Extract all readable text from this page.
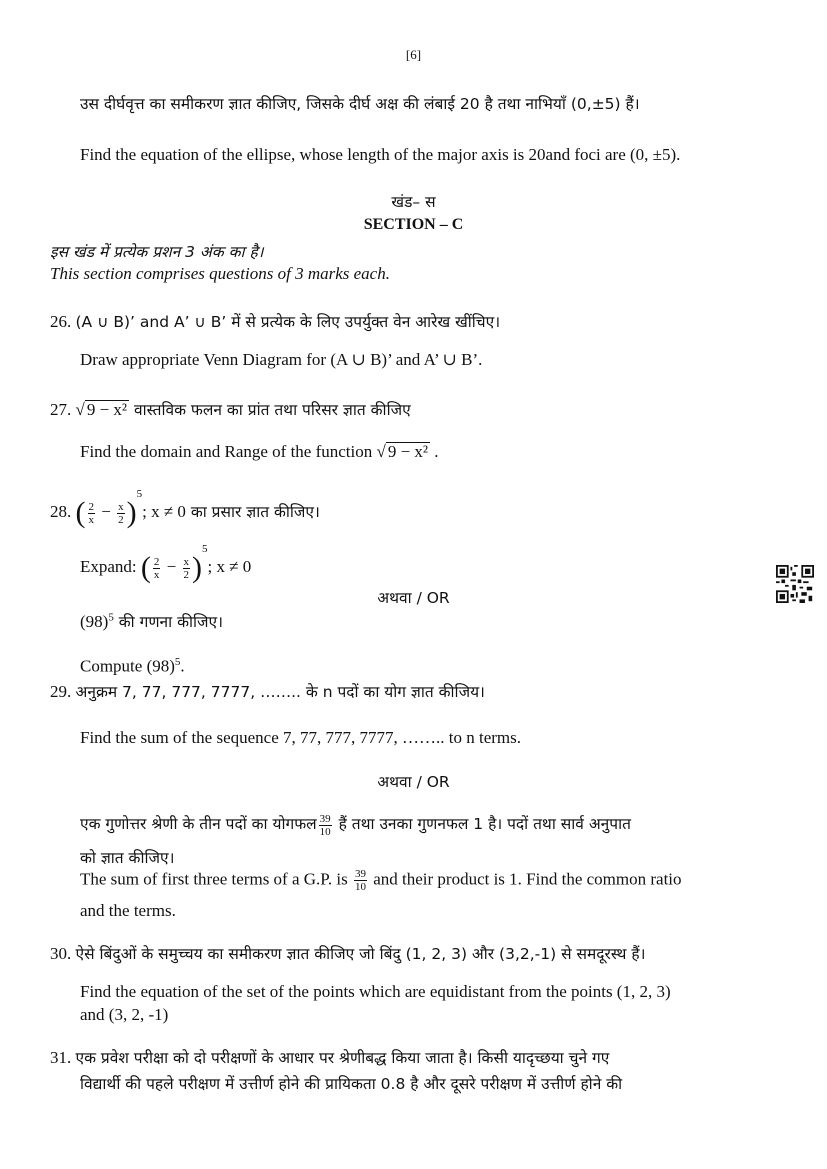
[6]
उस दीर्घवृत्त का समीकरण ज्ञात कीजिए, जिसके दीर्घ अक्ष की लंबाई 20 है तथा नाभियाँ (0,±5) हैं।
Find the equation of the ellipse, whose length of the major axis is 20and foci are (0, ±5).
खंड– स
SECTION – C
इस खंड में प्रत्येक प्रशन 3 अंक का है।
This section comprises questions of 3 marks each.
26. (A ∪ B)’ and A’ ∪ B’ में से प्रत्येक के लिए उपर्युक्त वेन आरेख खींचिए।
Draw appropriate Venn Diagram for (A ∪ B)’ and A’ ∪ B’.
27. √ 9 − x² वास्तविक फलन का प्रांत तथा परिसर ज्ञात कीजिए
Find the domain and Range of the function √ 9 − x² .
28. ( $\frac{2}{x} - \frac{x}{2} )^5$; x ≠ 0 का प्रसार ज्ञात कीजिए।
Expand: ( $\frac{2}{x} - \frac{x}{2} )^5$; x ≠ 0
अथवा / OR
$(98)^5$ की गणना कीजिए।
Compute $(98)^5$.
29. अनुक्रम 7, 77, 777, 7777, …….. के n पदों का योग ज्ञात कीजिय।
Find the sum of the sequence 7, 77, 777, 7777, …….. to n terms.
अथवा / OR
एक गुणोत्तर श्रेणी के तीन पदों का योगफल $\frac{39}{10}$ हैं तथा उनका गुणनफल 1 है। पदों तथा सार्व अनुपात
को ज्ञात कीजिए।
The sum of first three terms of a G.P. is $\frac{39}{10}$ and their product is 1. Find the common ratio
and the terms.
30. ऐसे बिंदुओं के समुच्चय का समीकरण ज्ञात कीजिए जो बिंदु (1, 2, 3) और (3,2,-1) से समदूरस्थ हैं।
Find the equation of the set of the points which are equidistant from the points (1, 2, 3)
and (3, 2, -1)
31. एक प्रवेश परीक्षा को दो परीक्षणों के आधार पर श्रेणीबद्ध किया जाता है। किसी यादृच्छया चुने गए
विद्यार्थी की पहले परीक्षण में उत्तीर्ण होने की प्रायिकता 0.8 है और दूसरे परीक्षण में उत्तीर्ण होने की
